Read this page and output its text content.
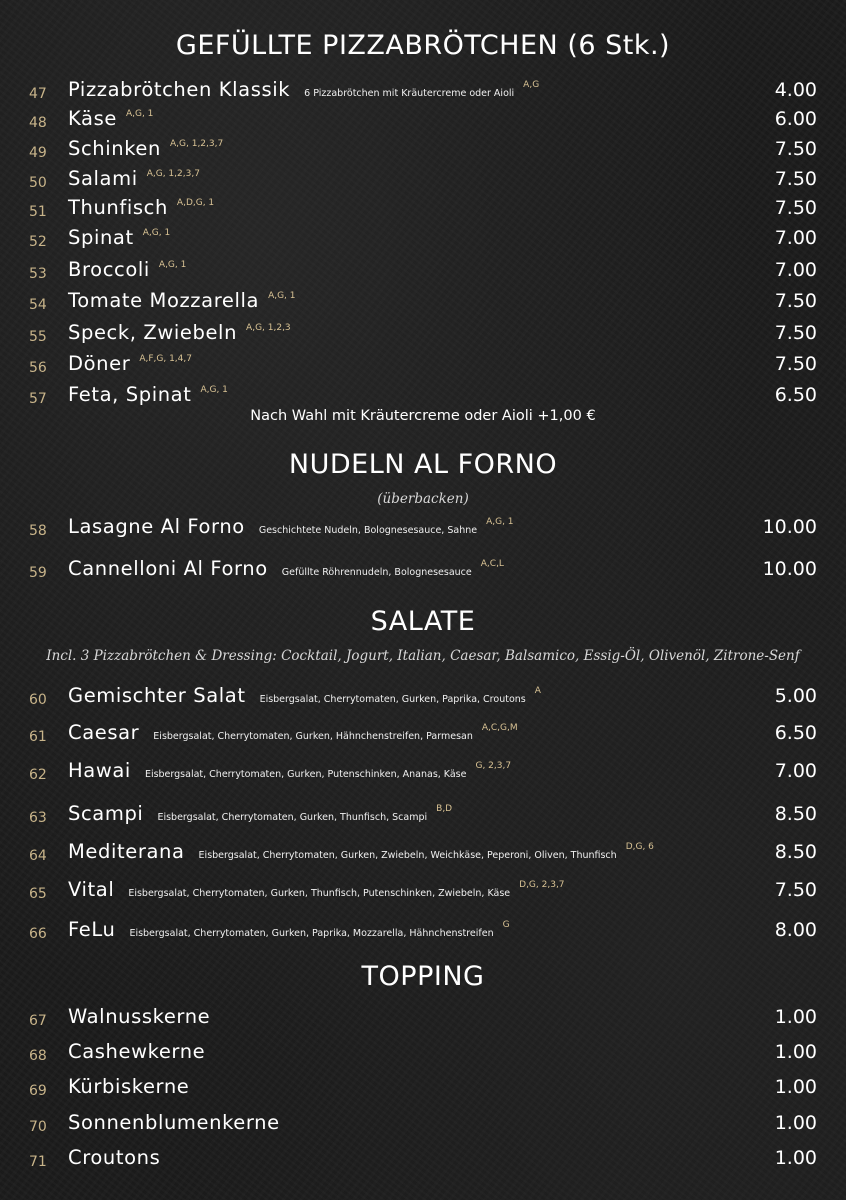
GEFÜLLTE PIZZABRÖTCHEN (6 Stk.)
47 Pizzabrötchen Klassik 6 Pizzabrötchen mit Kräutercreme oder Aioli$^{A,G}$	4.00
48 Käse $^{A,G, 1}$	6.00
49 Schinken $^{A,G, 1,2,3,7}$	7.50
50 Salami $^{A,G, 1,2,3,7}$	7.50
51 Thunfisch $^{A,D,G, 1}$	7.50
52 Spinat $^{A,G, 1}$	7.00
53 Broccoli $^{A,G, 1}$	7.00
54 Tomate Mozzarella $^{A,G, 1}$	7.50
55 Speck, Zwiebeln $^{A,G, 1,2,3}$	7.50
56 Döner $^{A,F,G, 1,4,7}$	7.50
57 Feta, Spinat $^{A,G, 1}$	6.50
Nach Wahl mit Kräutercreme oder Aioli +1,00 €
NUDELN AL FORNO
(überbacken)
58 Lasagne Al Forno Geschichtete Nudeln, Bolognesesauce, Sahne$^{A,G, 1}$	10.00
59 Cannelloni Al Forno Gefüllte Röhrennudeln, Bolognesesauce$^{A,C,L}$	10.00
SALATE
Incl. 3 Pizzabrötchen & Dressing: Cocktail, Jogurt, Italian, Caesar, Balsamico, Essig-Öl, Olivenöl, Zitrone-Senf
60 Gemischter Salat Eisbergsalat, Cherrytomaten, Gurken, Paprika, Croutons$^A$	5.00
61 Caesar Eisbergsalat, Cherrytomaten, Gurken, Hähnchenstreifen, Parmesan$^{A,C,G,M}$	6.50
62 Hawai Eisbergsalat, Cherrytomaten, Gurken, Putenschinken, Ananas, Käse$^{G, 2,3,7}$	7.00
63 Scampi Eisbergsalat, Cherrytomaten, Gurken, Thunfisch, Scampi$^{B,D}$	8.50
64 Mediterana Eisbergsalat, Cherrytomaten, Gurken, Zwiebeln, Weichkäse, Peperoni, Oliven, Thunfisch$^{D,G, 6}$	8.50
65 Vital Eisbergsalat, Cherrytomaten, Gurken, Thunfisch, Putenschinken, Zwiebeln, Käse$^{D,G, 2,3,7}$	7.50
66 FeLu Eisbergsalat, Cherrytomaten, Gurken, Paprika, Mozzarella, Hähnchenstreifen$^G$	8.00
TOPPING
67 Walnusskerne	1.00
68 Cashewkerne	1.00
69 Kürbiskerne	1.00
70 Sonnenblumenkerne	1.00
71 Croutons	1.00
